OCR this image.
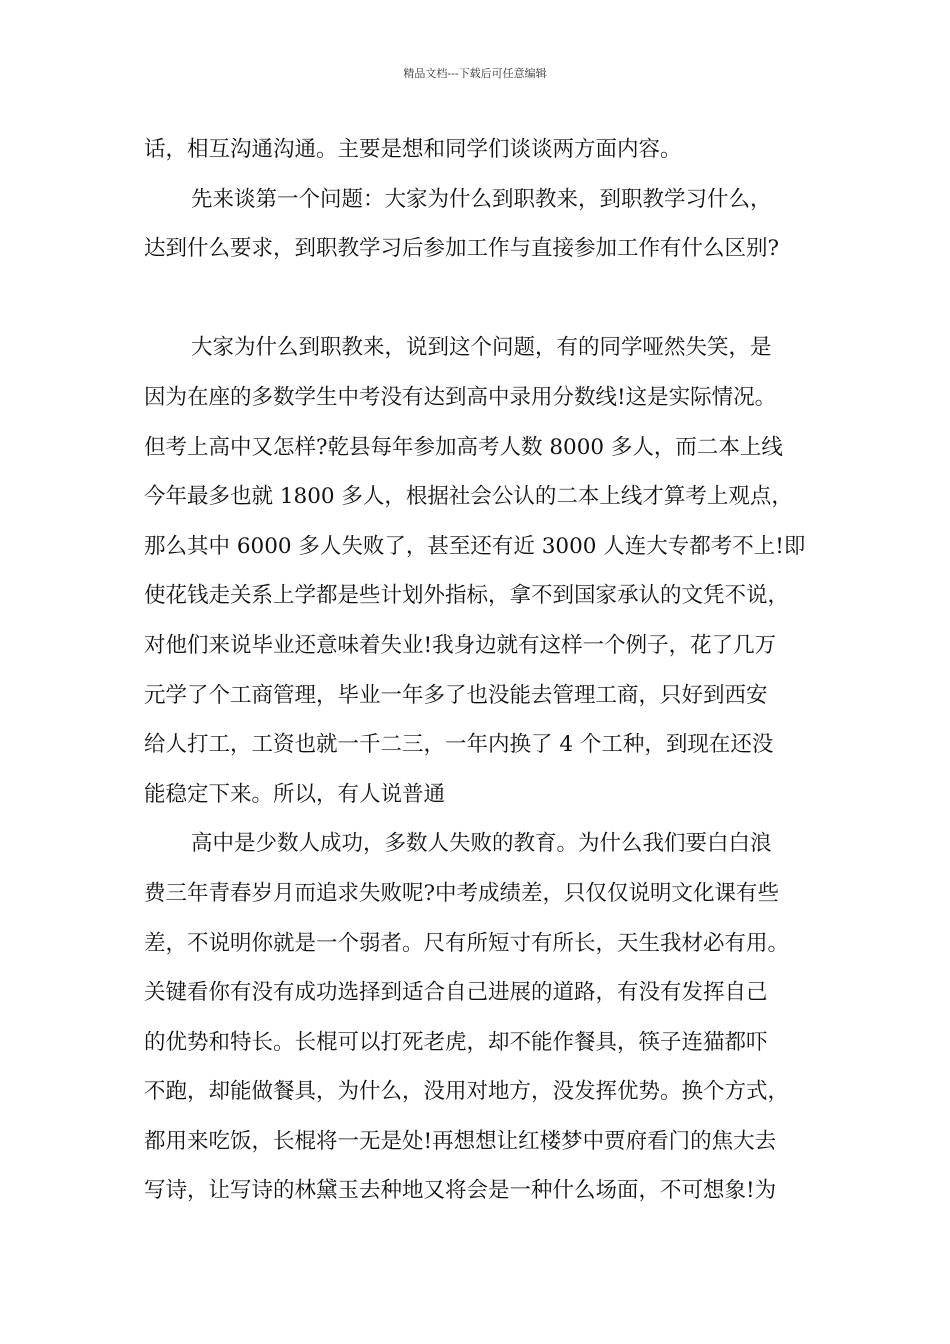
精品文档---下载后可任意编辑
话，相互沟通沟通。主要是想和同学们谈谈两方面内容。
先来谈第一个问题：大家为什么到职教来，到职教学习什么，
达到什么要求，到职教学习后参加工作与直接参加工作有什么区别?
大家为什么到职教来，说到这个问题，有的同学哑然失笑，是
因为在座的多数学生中考没有达到高中录用分数线!这是实际情况。
但考上高中又怎样?乾县每年参加高考人数 8000 多人，而二本上线
今年最多也就 1800 多人，根据社会公认的二本上线才算考上观点，
那么其中 6000 多人失败了，甚至还有近 3000 人连大专都考不上!即
使花钱走关系上学都是些计划外指标，拿不到国家承认的文凭不说，
对他们来说毕业还意味着失业!我身边就有这样一个例子，花了几万
元学了个工商管理，毕业一年多了也没能去管理工商，只好到西安
给人打工，工资也就一千二三，一年内换了 4 个工种，到现在还没
能稳定下来。所以，有人说普通
高中是少数人成功，多数人失败的教育。为什么我们要白白浪
费三年青春岁月而追求失败呢?中考成绩差，只仅仅说明文化课有些
差，不说明你就是一个弱者。尺有所短寸有所长，天生我材必有用。
关键看你有没有成功选择到适合自己进展的道路，有没有发挥自己
的优势和特长。长棍可以打死老虎，却不能作餐具，筷子连猫都吓
不跑，却能做餐具，为什么，没用对地方，没发挥优势。换个方式，
都用来吃饭，长棍将一无是处!再想想让红楼梦中贾府看门的焦大去
写诗，让写诗的林黛玉去种地又将会是一种什么场面，不可想象!为
